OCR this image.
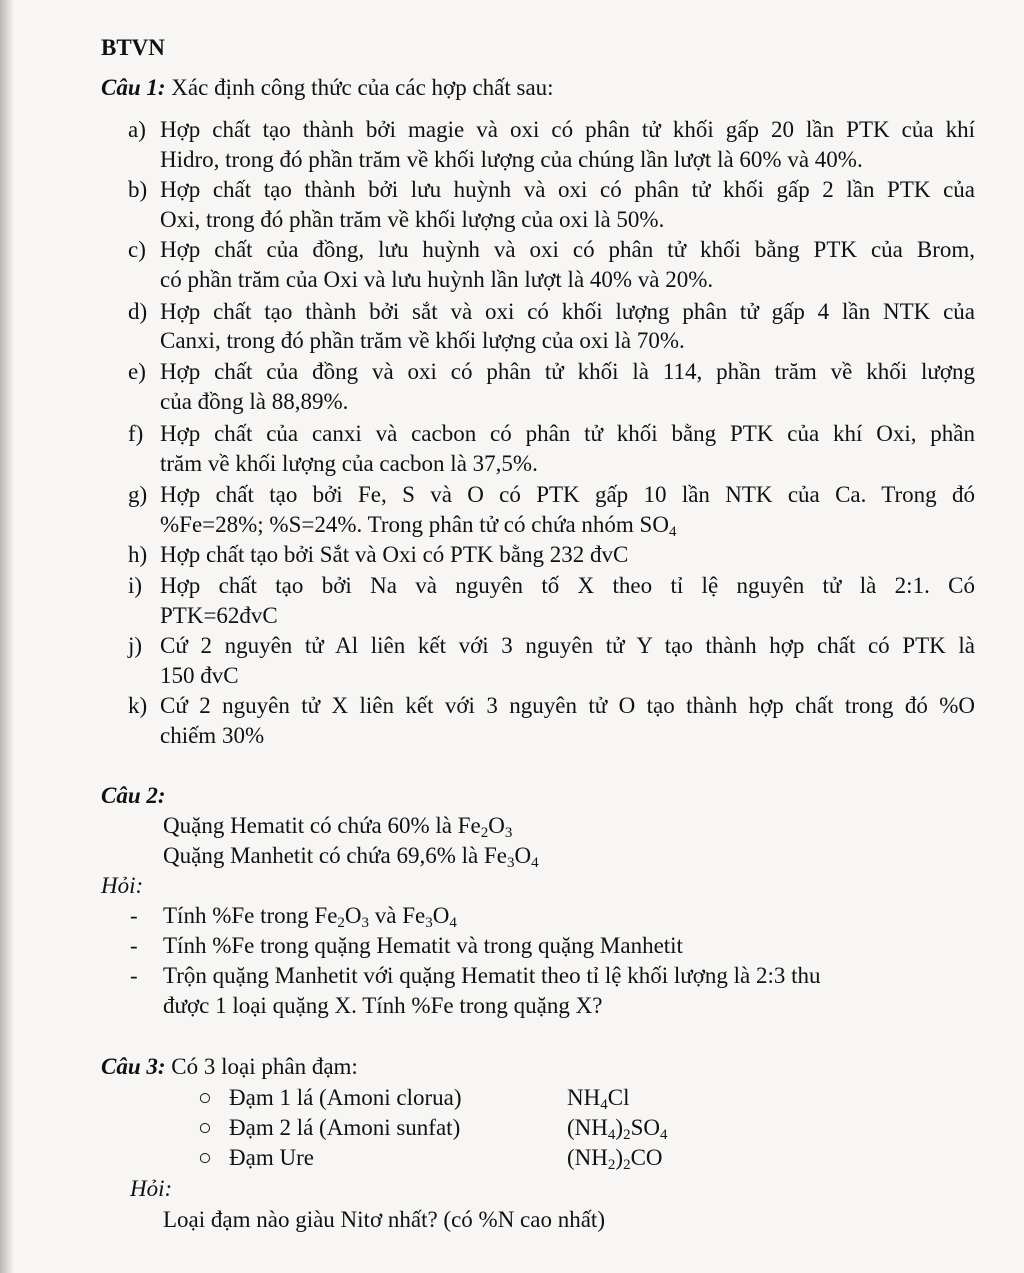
BTVN
Câu 1: Xác định công thức của các hợp chất sau:
a) Hợp chất tạo thành bởi magie và oxi có phân tử khối gấp 20 lần PTK của khí
Hidro, trong đó phần trăm về khối lượng của chúng lần lượt là 60% và 40%.
b) Hợp chất tạo thành bởi lưu huỳnh và oxi có phân tử khối gấp 2 lần PTK của
Oxi, trong đó phần trăm về khối lượng của oxi là 50%.
c) Hợp chất của đồng, lưu huỳnh và oxi có phân tử khối bằng PTK của Brom,
có phần trăm của Oxi và lưu huỳnh lần lượt là 40% và 20%.
d) Hợp chất tạo thành bởi sắt và oxi có khối lượng phân tử gấp 4 lần NTK của
Canxi, trong đó phần trăm về khối lượng của oxi là 70%.
e) Hợp chất của đồng và oxi có phân tử khối là 114, phần trăm về khối lượng
của đồng là 88,89%.
f) Hợp chất của canxi và cacbon có phân tử khối bằng PTK của khí Oxi, phần
trăm về khối lượng của cacbon là 37,5%.
g) Hợp chất tạo bởi Fe, S và O có PTK gấp 10 lần NTK của Ca. Trong đó
%Fe=28%; %S=24%. Trong phân tử có chứa nhóm $SO_4$
h) Hợp chất tạo bởi Sắt và Oxi có PTK bằng 232 đvC
i) Hợp chất tạo bởi Na và nguyên tố X theo tỉ lệ nguyên tử là 2:1. Có
PTK=62đvC
j) Cứ 2 nguyên tử Al liên kết với 3 nguyên tử Y tạo thành hợp chất có PTK là
150 đvC
k) Cứ 2 nguyên tử X liên kết với 3 nguyên tử O tạo thành hợp chất trong đó %O
chiếm 30%
Câu 2:
Quặng Hematit có chứa 60% là $Fe_2O_3$
Quặng Manhetit có chứa 69,6% là $Fe_3O_4$
Hỏi:
- Tính %Fe trong $Fe_2O_3$ và $Fe_3O_4$
- Tính %Fe trong quặng Hematit và trong quặng Manhetit
- Trộn quặng Manhetit với quặng Hematit theo tỉ lệ khối lượng là 2:3 thu
được 1 loại quặng X. Tính %Fe trong quặng X?
Câu 3: Có 3 loại phân đạm:
○ Đạm 1 lá (Amoni clorua)	$NH_4Cl$
○ Đạm 2 lá (Amoni sunfat)	$(NH_4)_2SO_4$
○ Đạm Ure	$(NH_2)_2CO$
Hỏi:
Loại đạm nào giàu Nitơ nhất? (có %N cao nhất)
